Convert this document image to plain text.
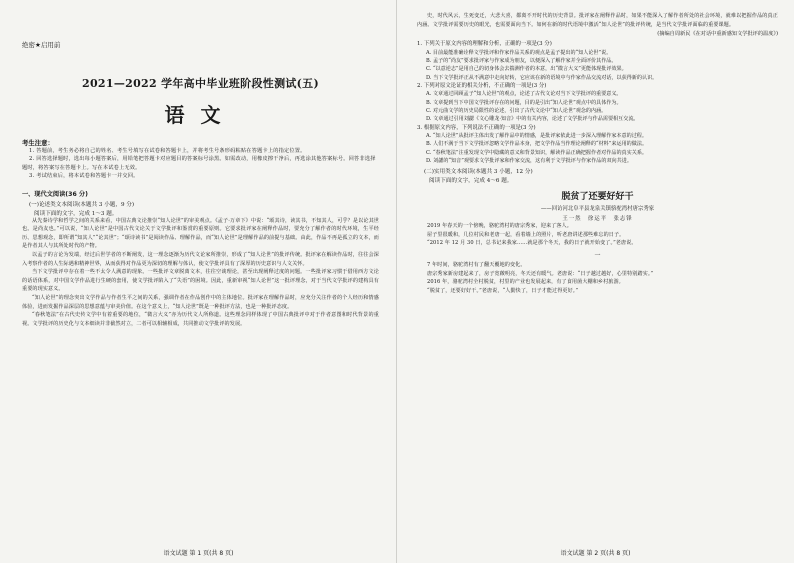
绝密★启用前
2021—2022 学年高中毕业班阶段性测试(五)
语文
考生注意：

1. 答题前，考生务必将自己的姓名、考生号填写在试卷和答题卡上，并将考生号条形码粘贴在答题卡上的指定位置。

2. 回答选择题时，选出每小题答案后，用铅笔把答题卡对应题目的答案标号涂黑。如需改动，用橡皮擦干净后，再选涂其他答案标号。回答非选择题时，将答案写在答题卡上。写在本试卷上无效。

3. 考试结束后，将本试卷和答题卡一并交回。

一、现代文阅读(36 分)
(一)论述类文本阅读(本题共 3 小题，9 分)
阅读下面的文字，完成 1～3 题。

从先秦诗学和哲学之间的关系来看，中国古典文论推崇“知人论世”的审美观点。《孟子·万章下》中说：“颂其诗，读其书，不知其人，可乎？是以论其世也。是尚友也。”可以说，“知人论世”是中国古代文论关于文学批评和鉴赏的重要原则。它要求批评家在阐释作品时，要充分了解作者的时代环境，生平经历、思想观念，即所谓“知其人”“论其世”；“颂诗读书”是阅读作品、理解作品，而“知人论世”是理解作品的前提与基础。由此，作品不再是孤立的文本，而是作者其人与其所处时代的产物。

以孟子的言论为发端，经过后世学者的不断阐发，这一理念逐渐为历代文论家所推崇，形成了“知人论世”的批评传统。批评家在解读作品时，往往会深入考察作者的人生际遇和精神世界，从而获得对作品更为深切的理解与体认，使文学批评具有了深厚的历史意识与人文关怀。

当下文学批评中存在着一些不太令人满意的现象。一些批评文章脱离文本，往往空谈理论，甚至出现阐释过度的问题。一些批评家习惯于借用西方文论的话语体系，对中国文学作品进行生硬的套用，使文学批评陷入了“失语”的困境。因此，重新审视“知人论世”这一批评理念，对于当代文学批评的建构具有重要的现实意义。

“知人论世”的理念突出文学作品与作者生平之间的关系，强调作者在作品创作中的主体地位。批评家在理解作品时，应充分关注作者的个人经历和情感体验，进而发掘作品深层的思想意蕴与审美价值。在这个意义上，“知人论世”既是一种批评方法，也是一种批评态度。

“春秋笔法”在古代史传文学中有着重要的地位，“微言大义”亦为历代文人所称道。这些理念同样体现了中国古典批评中对于作者意图和时代背景的重视。文学批评的历史化与文本细读并非截然对立，二者可以相辅相成，共同推动文学批评的发展。

语文试题 第 1 页(共 8 页)

史，时代风云，生死变迁，大悲大喜，都离不开时代的历史背景。批评家在阐释作品时，如果不能深入了解作者所处的社会环境，就难以把握作品的真正内涵。文学批评需要历史的眼光，也需要面向当下。如何在新的时代语境中激活“知人论世”的批评传统，是当代文学批评面临的重要课题。

(摘编自周新民《在对话中重新感知文学批评的温度》)

1. 下列关于原文内容的理解和分析，正确的一项是(3 分)

A. 目前最能准确诠释文学批评和作家作品关系的观点是孟子提出的“知人论世”说。

B. 孟子的“尚友”要求批评家与作家成为朋友，以便深入了解作家并全面评价其作品。

C. “以意逆志”是用自己的切身体会去揣测作者的本意，出“微言大义”更能体现批评效果。

D. 当下文学批评正从不满意中走向好转，它应该在新的语境中与作家作品交流对话，以获得新的认识。

2. 下列对原文论证的相关分析，不正确的一项是(3 分)

A. 文章通过回顾孟子“知人论世”的观点，论述了古代文论对当下文学批评的重要意义。

B. 文章提到当下中国文学批评存在的问题，目的是引出“知人论世”观点中的具体作为。

C. 对元曲文学的历史局限性的论述，引出了古代文论中“知人论世”观念的内涵。

D. 文章通过引用刘勰《文心雕龙·知音》中的有关内容，论述了文学批评与作品需要相互交流。

3. 根据原文内容，下列说法不正确的一项是(3 分)

A. “知人论世”从批评主体出发了解作品中的情感，是批评家依此进一步深入理解作家本意的过程。

B. 人们不满于当下文学批评忽略文学作品本身，把文学作品当作理论阐释的“材料”来运用的做法。

C. “春秋笔法”注重发现文学中隐藏的意义和背景知识，解读作品正确把握作者对作品的真实关系。

D. 刘勰的“知音”观要求文学批评家和作家交流，这有利于文学批评与作家作品的双向共进。

(二)实用类文本阅读(本题共 3 小题，12 分)
阅读下面的文字，完成 4～6 题。
脱贫了还要好好干
——回访河北阜平县龙泉关镇骆驼湾村唐宗秀家
王一然　徐运平　张志锋

2019 年春天的一个傍晚，骆驼湾村的唐宗秀家，迎来了客人。

屋子里很暖和，几位村民和老唐一起，看着墙上的照片，听老唐讲述那些难忘的日子。

“2012 年 12 月 30 日，总书记来我家……就是那个冬天，我的日子就开始变了。”老唐说。

一

7 年时间，骆驼湾村有了翻天覆地的变化。

唐宗秀家新房建起来了，房子宽敞明亮，冬天还有暖气。老唐说：“日子越过越好，心里特别踏实。”

2016 年，骆驼湾村全村脱贫，村里的产业也发展起来，有了食用菌大棚和乡村旅游。

“脱贫了，还要好好干。”老唐说，“人勤快了，日子才能过得更好。”

语文试题 第 2 页(共 8 页)
